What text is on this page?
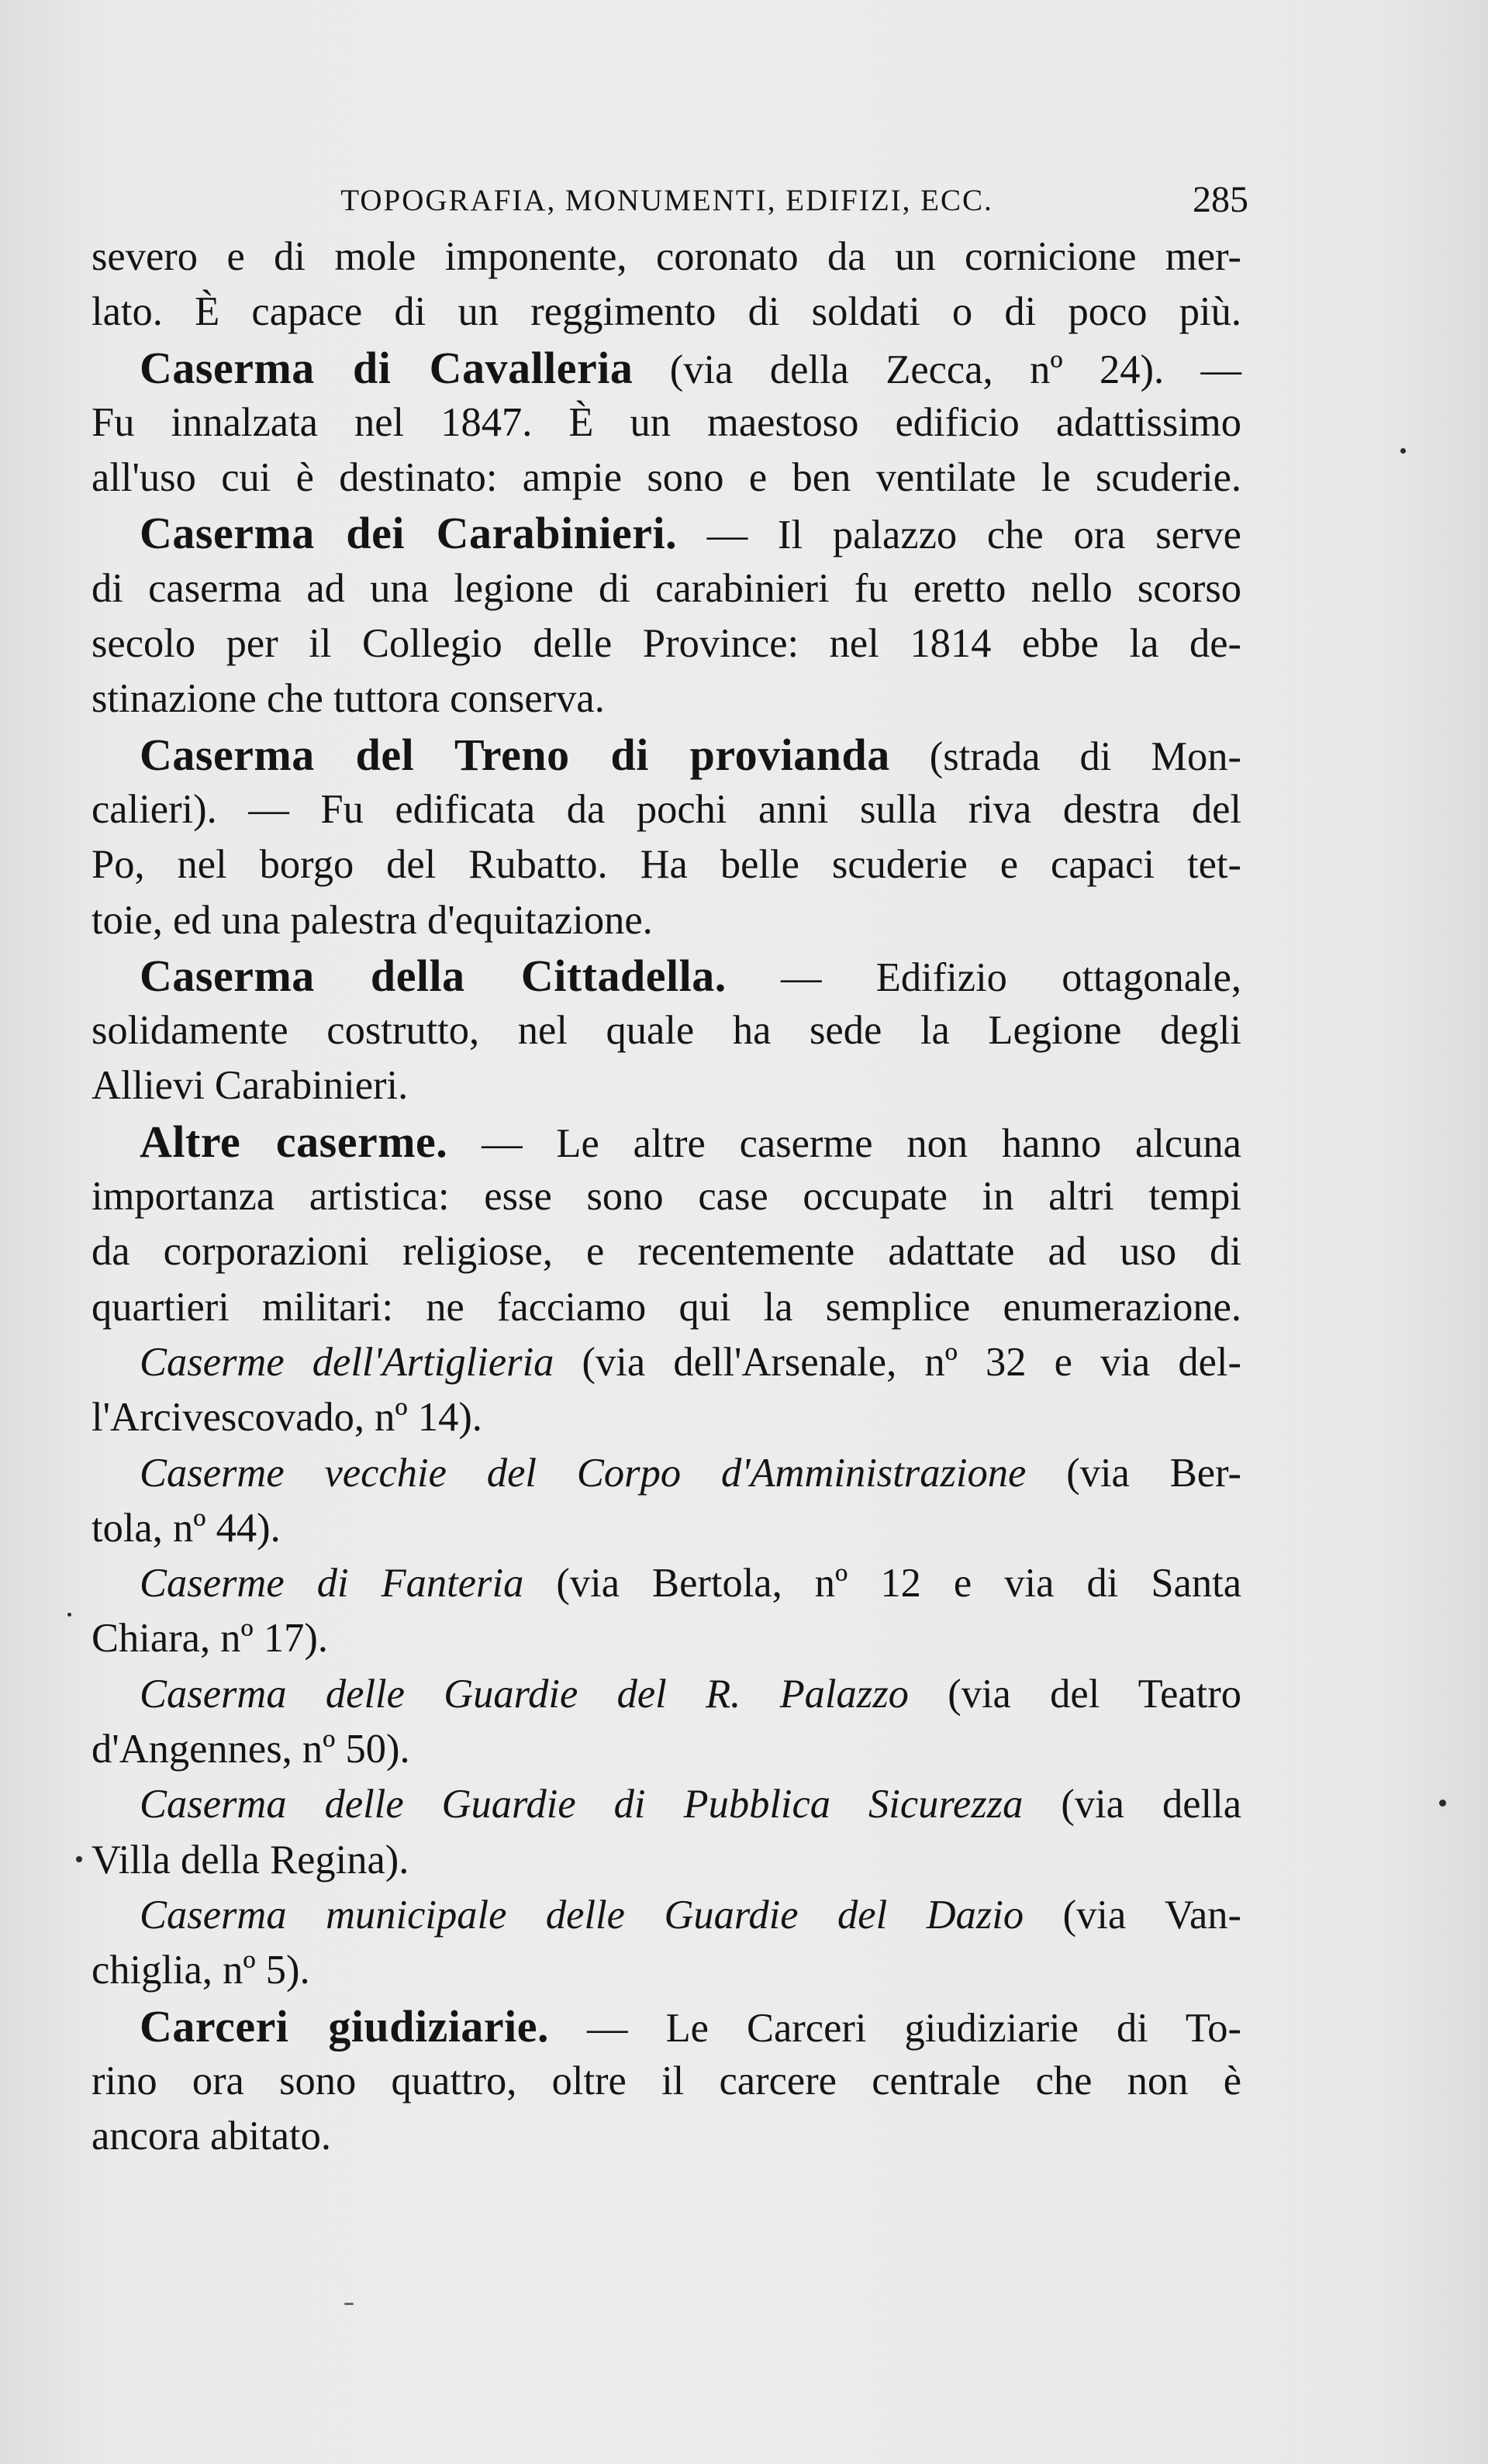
TOPOGRAFIA, MONUMENTI, EDIFIZI, ECC.	285
severo e di mole imponente, coronato da un cornicione mer-
lato. È capace di un reggimento di soldati o di poco più.
Caserma di Cavalleria (via della Zecca, nº 24). —
Fu innalzata nel 1847. È un maestoso edificio adattissimo
all'uso cui è destinato: ampie sono e ben ventilate le scuderie.
Caserma dei Carabinieri. — Il palazzo che ora serve
di caserma ad una legione di carabinieri fu eretto nello scorso
secolo per il Collegio delle Province: nel 1814 ebbe la de-
stinazione che tuttora conserva.
Caserma del Treno di provianda (strada di Mon-
calieri). — Fu edificata da pochi anni sulla riva destra del
Po, nel borgo del Rubatto. Ha belle scuderie e capaci tet-
toie, ed una palestra d'equitazione.
Caserma della Cittadella. — Edifizio ottagonale,
solidamente costrutto, nel quale ha sede la Legione degli
Allievi Carabinieri.
Altre caserme. — Le altre caserme non hanno alcuna
importanza artistica: esse sono case occupate in altri tempi
da corporazioni religiose, e recentemente adattate ad uso di
quartieri militari: ne facciamo qui la semplice enumerazione.
Caserme dell'Artiglieria (via dell'Arsenale, nº 32 e via del-
l'Arcivescovado, nº 14).
Caserme vecchie del Corpo d'Amministrazione (via Ber-
tola, nº 44).
Caserme di Fanteria (via Bertola, nº 12 e via di Santa
Chiara, nº 17).
Caserma delle Guardie del R. Palazzo (via del Teatro
d'Angennes, nº 50).
Caserma delle Guardie di Pubblica Sicurezza (via della
Villa della Regina).
Caserma municipale delle Guardie del Dazio (via Van-
chiglia, nº 5).
Carceri giudiziarie. — Le Carceri giudiziarie di To-
rino ora sono quattro, oltre il carcere centrale che non è
ancora abitato.
